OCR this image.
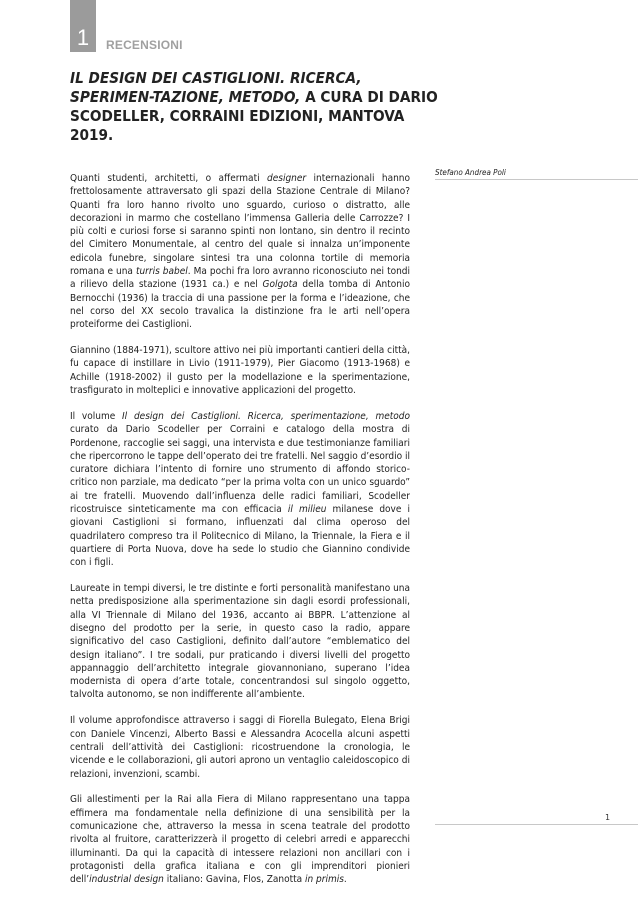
1	RECENSIONI
IL DESIGN DEI CASTIGLIONI. RICERCA, SPERIMEN-TAZIONE, METODO, A CURA DI DARIO SCODELLER, CORRAINI EDIZIONI, MANTOVA 2019.
Stefano Andrea Poli

Quanti studenti, architetti, o affermati designer internazionali hanno frettolosamente attraversato gli spazi della Stazione Centrale di Milano? Quanti fra loro hanno rivolto uno sguardo, curioso o distratto, alle decorazioni in marmo che costellano l’immensa Galleria delle Carrozze? I più colti e curiosi forse si saranno spinti non lontano, sin dentro il recinto del Cimitero Monumentale, al centro del quale si innalza un’imponente edicola funebre, singolare sintesi tra una colonna tortile di memoria romana e una turris babel. Ma pochi fra loro avranno riconosciuto nei tondi a rilievo della stazione (1931 ca.) e nel Golgota della tomba di Antonio Bernocchi (1936) la traccia di una passione per la forma e l’ideazione, che nel corso del XX secolo travalica la distinzione fra le arti nell’opera proteiforme dei Castiglioni.

Giannino (1884-1971), scultore attivo nei più importanti cantieri della città, fu capace di instillare in Livio (1911-1979), Pier Giacomo (1913-1968) e Achille (1918-2002) il gusto per la modellazione e la sperimentazione, trasfigurato in molteplici e innovative applicazioni del progetto.

Il volume Il design dei Castiglioni. Ricerca, sperimentazione, metodo curato da Dario Scodeller per Corraini e catalogo della mostra di Pordenone, raccoglie sei saggi, una intervista e due testimonianze familiari che ripercorrono le tappe dell’operato dei tre fratelli. Nel saggio d’esordio il curatore dichiara l’intento di fornire uno strumento di affondo storico-critico non parziale, ma dedicato “per la prima volta con un unico sguardo” ai tre fratelli. Muovendo dall’influenza delle radici familiari, Scodeller ricostruisce sinteticamente ma con efficacia il milieu milanese dove i giovani Castiglioni si formano, influenzati dal clima operoso del quadrilatero compreso tra il Politecnico di Milano, la Triennale, la Fiera e il quartiere di Porta Nuova, dove ha sede lo studio che Giannino condivide con i figli.

Laureate in tempi diversi, le tre distinte e forti personalità manifestano una netta predisposizione alla sperimentazione sin dagli esordi professionali, alla VI Triennale di Milano del 1936, accanto ai BBPR. L’attenzione al disegno del prodotto per la serie, in questo caso la radio, appare significativo del caso Castiglioni, definito dall’autore “emblematico del design italiano”. I tre sodali, pur praticando i diversi livelli del progetto appannaggio dell’architetto integrale giovannoniano, superano l’idea modernista di opera d’arte totale, concentrandosi sul singolo oggetto, talvolta autonomo, se non indifferente all’ambiente.

Il volume approfondisce attraverso i saggi di Fiorella Bulegato, Elena Brigi con Daniele Vincenzi, Alberto Bassi e Alessandra Acocella alcuni aspetti centrali dell’attività dei Castiglioni: ricostruendone la cronologia, le vicende e le collaborazioni, gli autori aprono un ventaglio caleidoscopico di relazioni, invenzioni, scambi.

Gli allestimenti per la Rai alla Fiera di Milano rappresentano una tappa effimera ma fondamentale nella definizione di una sensibilità per la comunicazione che, attraverso la messa in scena teatrale del prodotto rivolta al fruitore, caratterizzerà il progetto di celebri arredi e apparecchi illuminanti. Da qui la capacità di intessere relazioni non ancillari con i protagonisti della grafica italiana e con gli imprenditori pionieri dell’industrial design italiano: Gavina, Flos, Zanotta in primis.

1
